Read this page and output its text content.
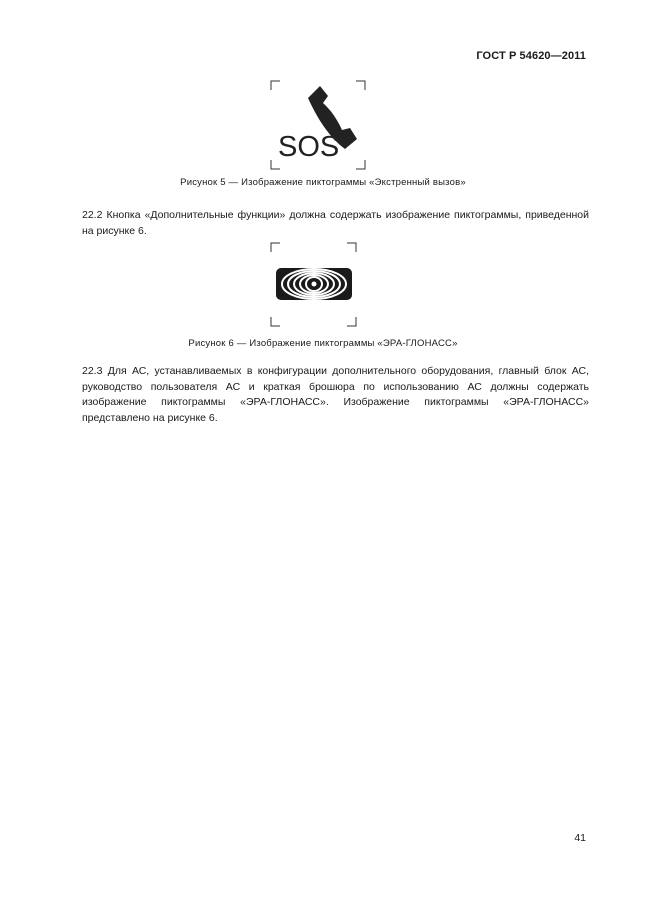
ГОСТ Р 54620—2011
SOS
Рисунок 5 — Изображение пиктограммы «Экстренный вызов»
22.2 Кнопка «Дополнительные функции» должна содержать изображение пиктограммы, приведенной на рисунке 6.
Рисунок 6 — Изображение пиктограммы «ЭРА-ГЛОНАСС»
22.3 Для АС, устанавливаемых в конфигурации дополнительного оборудования, главный блок АС, руководство пользователя АС и краткая брошюра по использованию АС должны содержать изображение пиктограммы «ЭРА-ГЛОНАСС». Изображение пиктограммы «ЭРА-ГЛОНАСС» представлено на рисунке 6.
41
